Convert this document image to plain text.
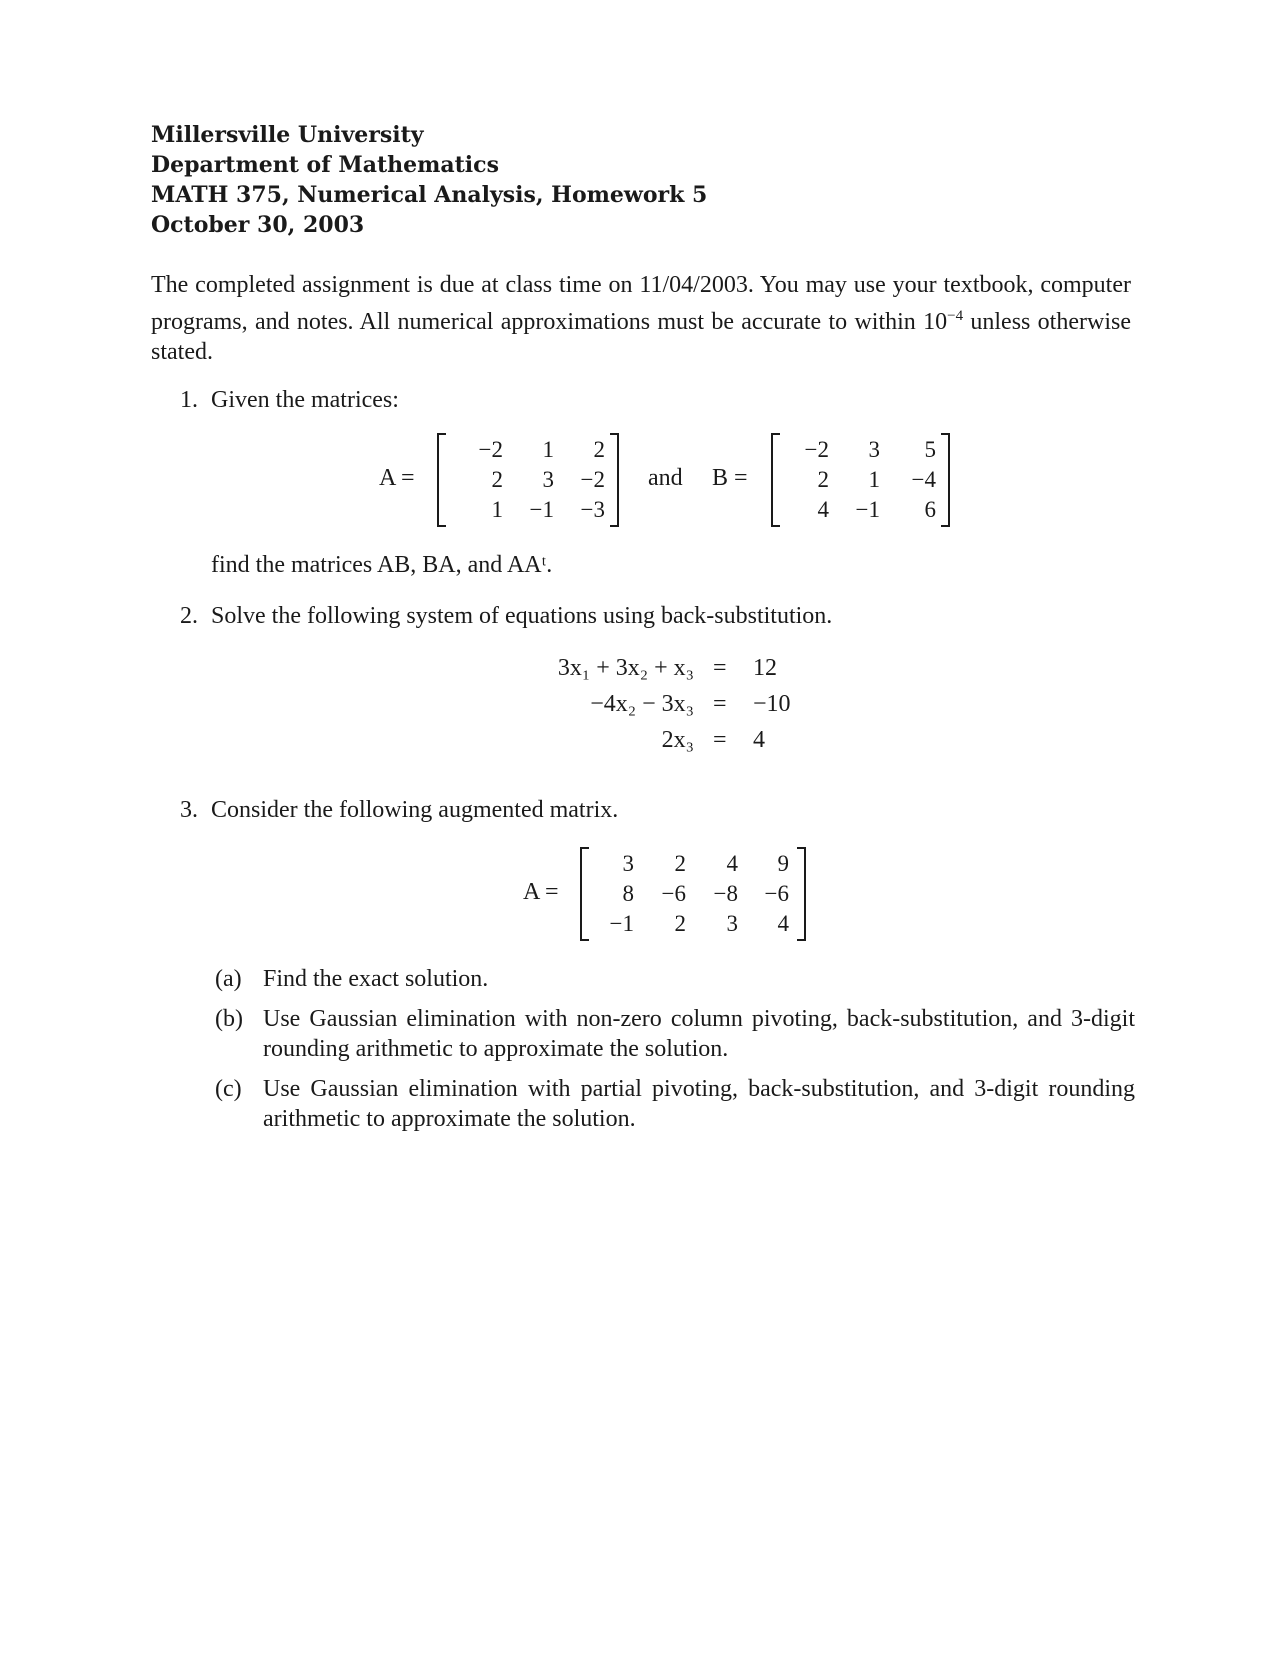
Millersville University
Department of Mathematics
MATH 375, Numerical Analysis, Homework 5
October 30, 2003
The completed assignment is due at class time on 11/04/2003. You may use your textbook, computer programs, and notes. All numerical approximations must be accurate to within $10^{-4}$ unless otherwise stated.
1. Given the matrices:
A =
−2	1	2
2	3	−2
1	−1	−3
and B =
−2	3	5
2	1	−4
4	−1	6
find the matrices AB, BA, and AAᵗ.
2. Solve the following system of equations using back-substitution.
3x₁ + 3x₂ + x₃ = 12
−4x₂ − 3x₃ = −10
2x₃ = 4
3. Consider the following augmented matrix.
A =
3	2	4	9
8	−6	−8	−6
−1	2	3	4
(a) Find the exact solution.
(b) Use Gaussian elimination with non-zero column pivoting, back-substitution, and 3-digit rounding arithmetic to approximate the solution.
(c) Use Gaussian elimination with partial pivoting, back-substitution, and 3-digit rounding arithmetic to approximate the solution.
